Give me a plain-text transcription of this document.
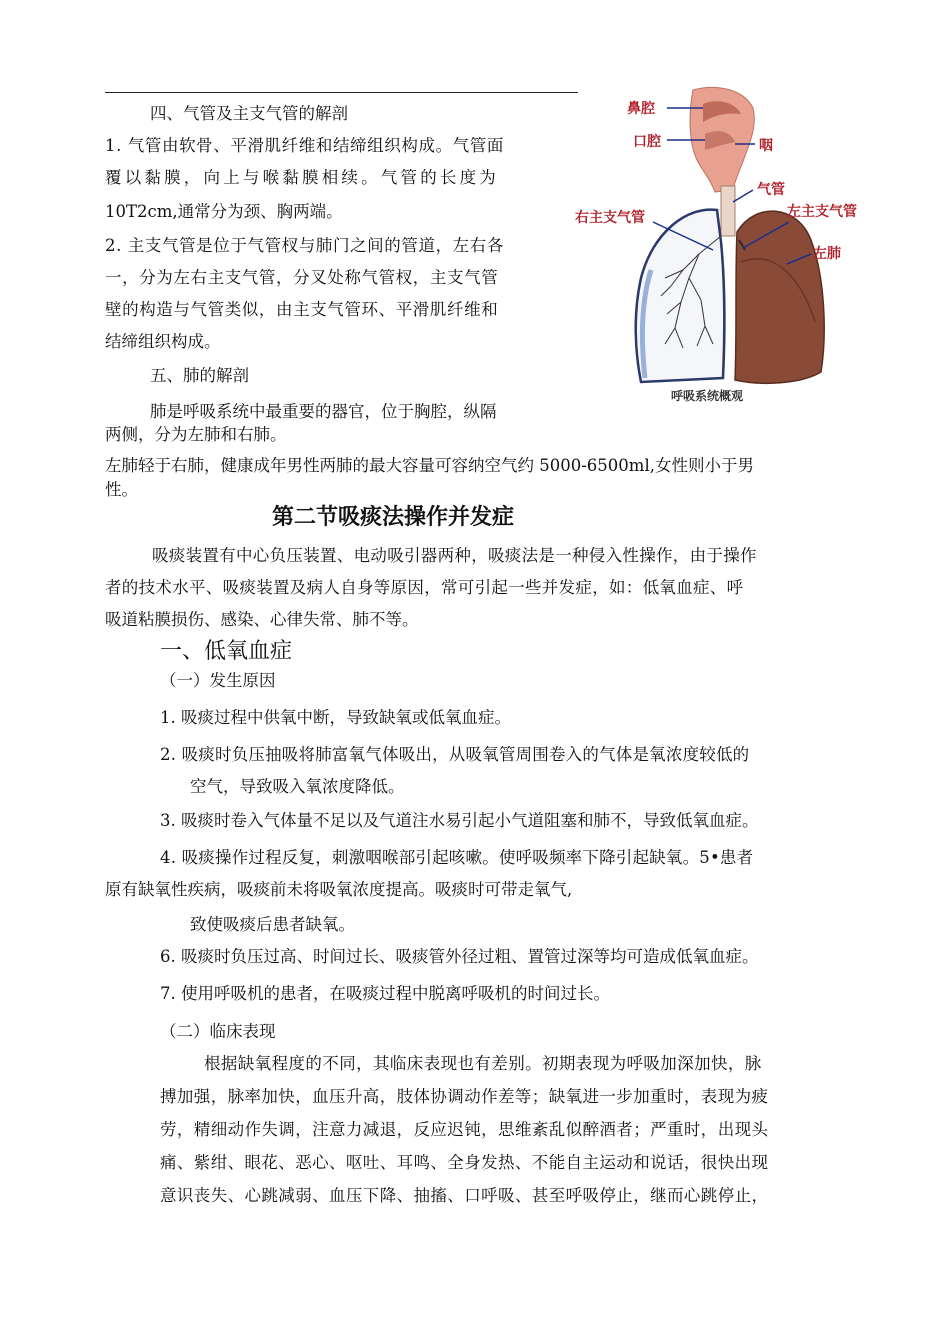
四、气管及主支气管的解剖
1. 气管由软骨、平滑肌纤维和结缔组织构成。气管面
覆以黏膜，向上与喉黏膜相续。气管的长度为
10T2cm,通常分为颈、胸两端。
2. 主支气管是位于气管杈与肺门之间的管道，左右各
一，分为左右主支气管，分叉处称气管杈，主支气管
壁的构造与气管类似，由主支气管环、平滑肌纤维和
结缔组织构成。
五、肺的解剖
肺是呼吸系统中最重要的器官，位于胸腔，纵隔
两侧，分为左肺和右肺。
左肺轻于右肺，健康成年男性两肺的最大容量可容纳空气约 5000-6500ml,女性则小于男
性。
鼻腔
口腔	咽
气管
右主支气管	左主支气管
左肺
呼吸系统概观
第二节吸痰法操作并发症
吸痰装置有中心负压装置、电动吸引器两种，吸痰法是一种侵入性操作，由于操作
者的技术水平、吸痰装置及病人自身等原因，常可引起一些并发症，如：低氧血症、呼
吸道粘膜损伤、感染、心律失常、肺不等。
一、低氧血症
（一）发生原因
1. 吸痰过程中供氧中断，导致缺氧或低氧血症。
2. 吸痰时负压抽吸将肺富氧气体吸出，从吸氧管周围卷入的气体是氧浓度较低的
空气，导致吸入氧浓度降低。
3. 吸痰时卷入气体量不足以及气道注水易引起小气道阻塞和肺不，导致低氧血症。
4. 吸痰操作过程反复，刺激咽喉部引起咳嗽。使呼吸频率下降引起缺氧。5•患者
原有缺氧性疾病，吸痰前未将吸氧浓度提高。吸痰时可带走氧气,
致使吸痰后患者缺氧。
6. 吸痰时负压过高、时间过长、吸痰管外径过粗、置管过深等均可造成低氧血症。
7. 使用呼吸机的患者，在吸痰过程中脱离呼吸机的时间过长。
（二）临床表现
根据缺氧程度的不同，其临床表现也有差别。初期表现为呼吸加深加快，脉
搏加强，脉率加快，血压升高，肢体协调动作差等；缺氧进一步加重时，表现为疲
劳，精细动作失调，注意力减退，反应迟钝，思维紊乱似醉酒者；严重时，出现头
痛、紫绀、眼花、恶心、呕吐、耳鸣、全身发热、不能自主运动和说话，很快出现
意识丧失、心跳减弱、血压下降、抽搐、口呼吸、甚至呼吸停止，继而心跳停止，
